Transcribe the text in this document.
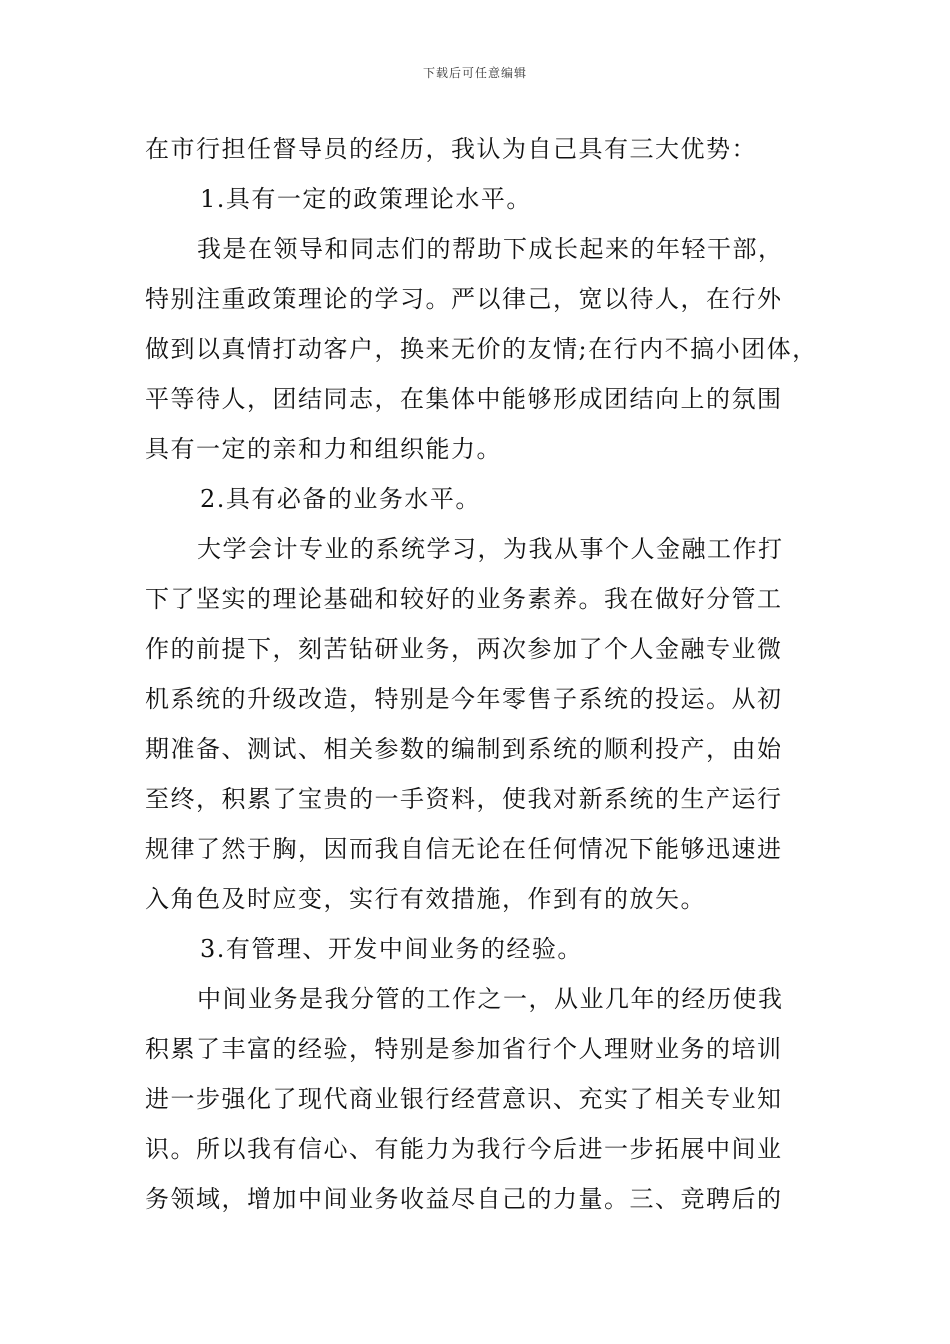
下载后可任意编辑
在市行担任督导员的经历，我认为自己具有三大优势：
1.具有一定的政策理论水平。
我是在领导和同志们的帮助下成长起来的年轻干部，
特别注重政策理论的学习。严以律己，宽以待人，在行外
做到以真情打动客户，换来无价的友情;在行内不搞小团体，
平等待人，团结同志，在集体中能够形成团结向上的氛围
具有一定的亲和力和组织能力。
2.具有必备的业务水平。
大学会计专业的系统学习，为我从事个人金融工作打
下了坚实的理论基础和较好的业务素养。我在做好分管工
作的前提下，刻苦钻研业务，两次参加了个人金融专业微
机系统的升级改造，特别是今年零售子系统的投运。从初
期准备、测试、相关参数的编制到系统的顺利投产，由始
至终，积累了宝贵的一手资料，使我对新系统的生产运行
规律了然于胸，因而我自信无论在任何情况下能够迅速进
入角色及时应变，实行有效措施，作到有的放矢。
3.有管理、开发中间业务的经验。
中间业务是我分管的工作之一，从业几年的经历使我
积累了丰富的经验，特别是参加省行个人理财业务的培训
进一步强化了现代商业银行经营意识、充实了相关专业知
识。所以我有信心、有能力为我行今后进一步拓展中间业
务领域，增加中间业务收益尽自己的力量。三、竞聘后的
